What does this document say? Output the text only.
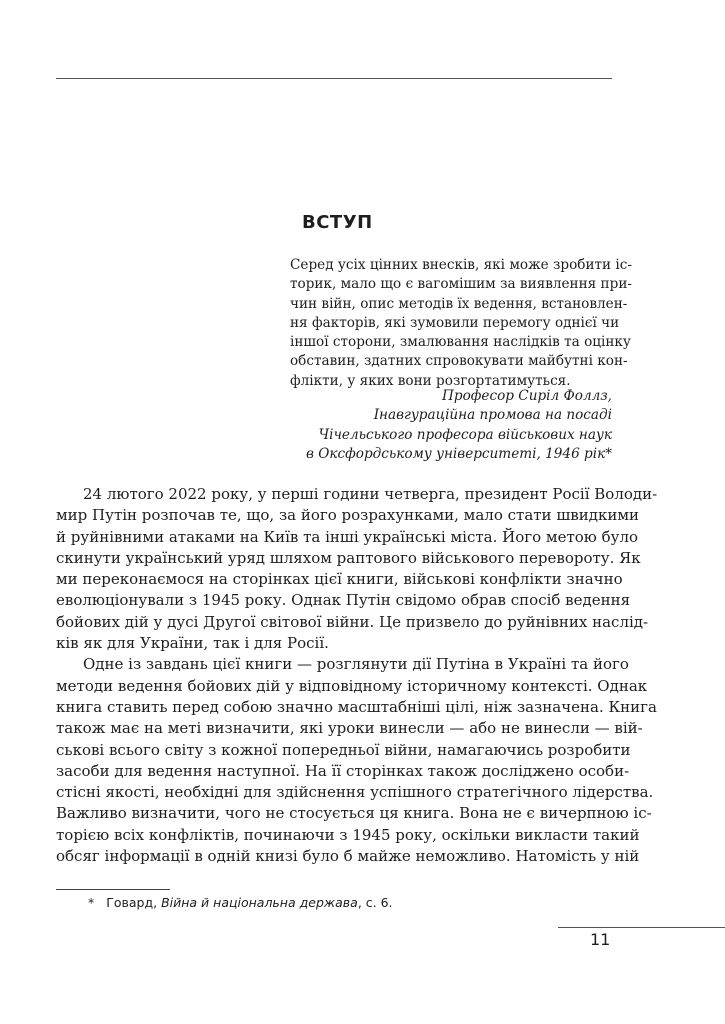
ВСТУП
Серед усіх цінних внесків, які може зробити іс-
торик, мало що є вагомішим за виявлення при-
чин війн, опис методів їх ведення, встановлен-
ня факторів, які зумовили перемогу однієї чи
іншої сторони, змалювання наслідків та оцінку
обставин, здатних спровокувати майбутні кон-
флікти, у яких вони розгортатимуться.
Професор Сиріл Фоллз,
Інавгураційна промова на посаді
Чічельського професора військових наук
в Оксфордському університеті, 1946 рік*
24 лютого 2022 року, у перші години четверга, президент Росії Володи-
мир Путін розпочав те, що, за його розрахунками, мало стати швидкими
й руйнівними атаками на Київ та інші українські міста. Його метою було
скинути український уряд шляхом раптового військового перевороту. Як
ми переконаємося на сторінках цієї книги, військові конфлікти значно
еволюціонували з 1945 року. Однак Путін свідомо обрав спосіб ведення
бойових дій у дусі Другої світової війни. Це призвело до руйнівних наслід-
ків як для України, так і для Росії.
Одне із завдань цієї книги — розглянути дії Путіна в Україні та його
методи ведення бойових дій у відповідному історичному контексті. Однак
книга ставить перед собою значно масштабніші цілі, ніж зазначена. Книга
також має на меті визначити, які уроки винесли — або не винесли — вій-
ськові всього світу з кожної попередньої війни, намагаючись розробити
засоби для ведення наступної. На її сторінках також досліджено особи-
стісні якості, необхідні для здійснення успішного стратегічного лідерства.
Важливо визначити, чого не стосується ця книга. Вона не є вичерпною іс-
торією всіх конфліктів, починаючи з 1945 року, оскільки викласти такий
обсяг інформації в одній книзі було б майже неможливо. Натомість у ній
* Говард, Війна й національна держава, с. 6.
11
